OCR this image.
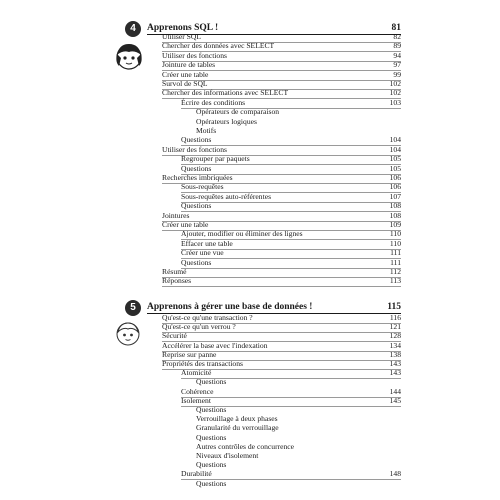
4	Apprenons SQL !	81
Utiliser SQL	82
Chercher des données avec SELECT	89
Utiliser des fonctions	94
Jointure de tables	97
Créer une table	99
Survol de SQL	102
Chercher des informations avec SELECT	102
Écrire des conditions	103
Opérateurs de comparaison
Opérateurs logiques
Motifs
Questions	104
Utiliser des fonctions	104
Regrouper par paquets	105
Questions	105
Recherches imbriquées	106
Sous-requêtes	106
Sous-requêtes auto-référentes	107
Questions	108
Jointures	108
Créer une table	109
Ajouter, modifier ou éliminer des lignes	110
Effacer une table	110
Créer une vue	111
Questions	111
Résumé	112
Réponses	113
5	Apprenons à gérer une base de données !	115
Qu'est-ce qu'une transaction ?	116
Qu'est-ce qu'un verrou ?	121
Sécurité	128
Accélérer la base avec l'indexation	134
Reprise sur panne	138
Propriétés des transactions	143
Atomicité	143
Questions
Cohérence	144
Isolement	145
Questions
Verrouillage à deux phases
Granularité du verrouillage
Questions
Autres contrôles de concurrence
Niveaux d'isolement
Questions
Durabilité	148
Questions
